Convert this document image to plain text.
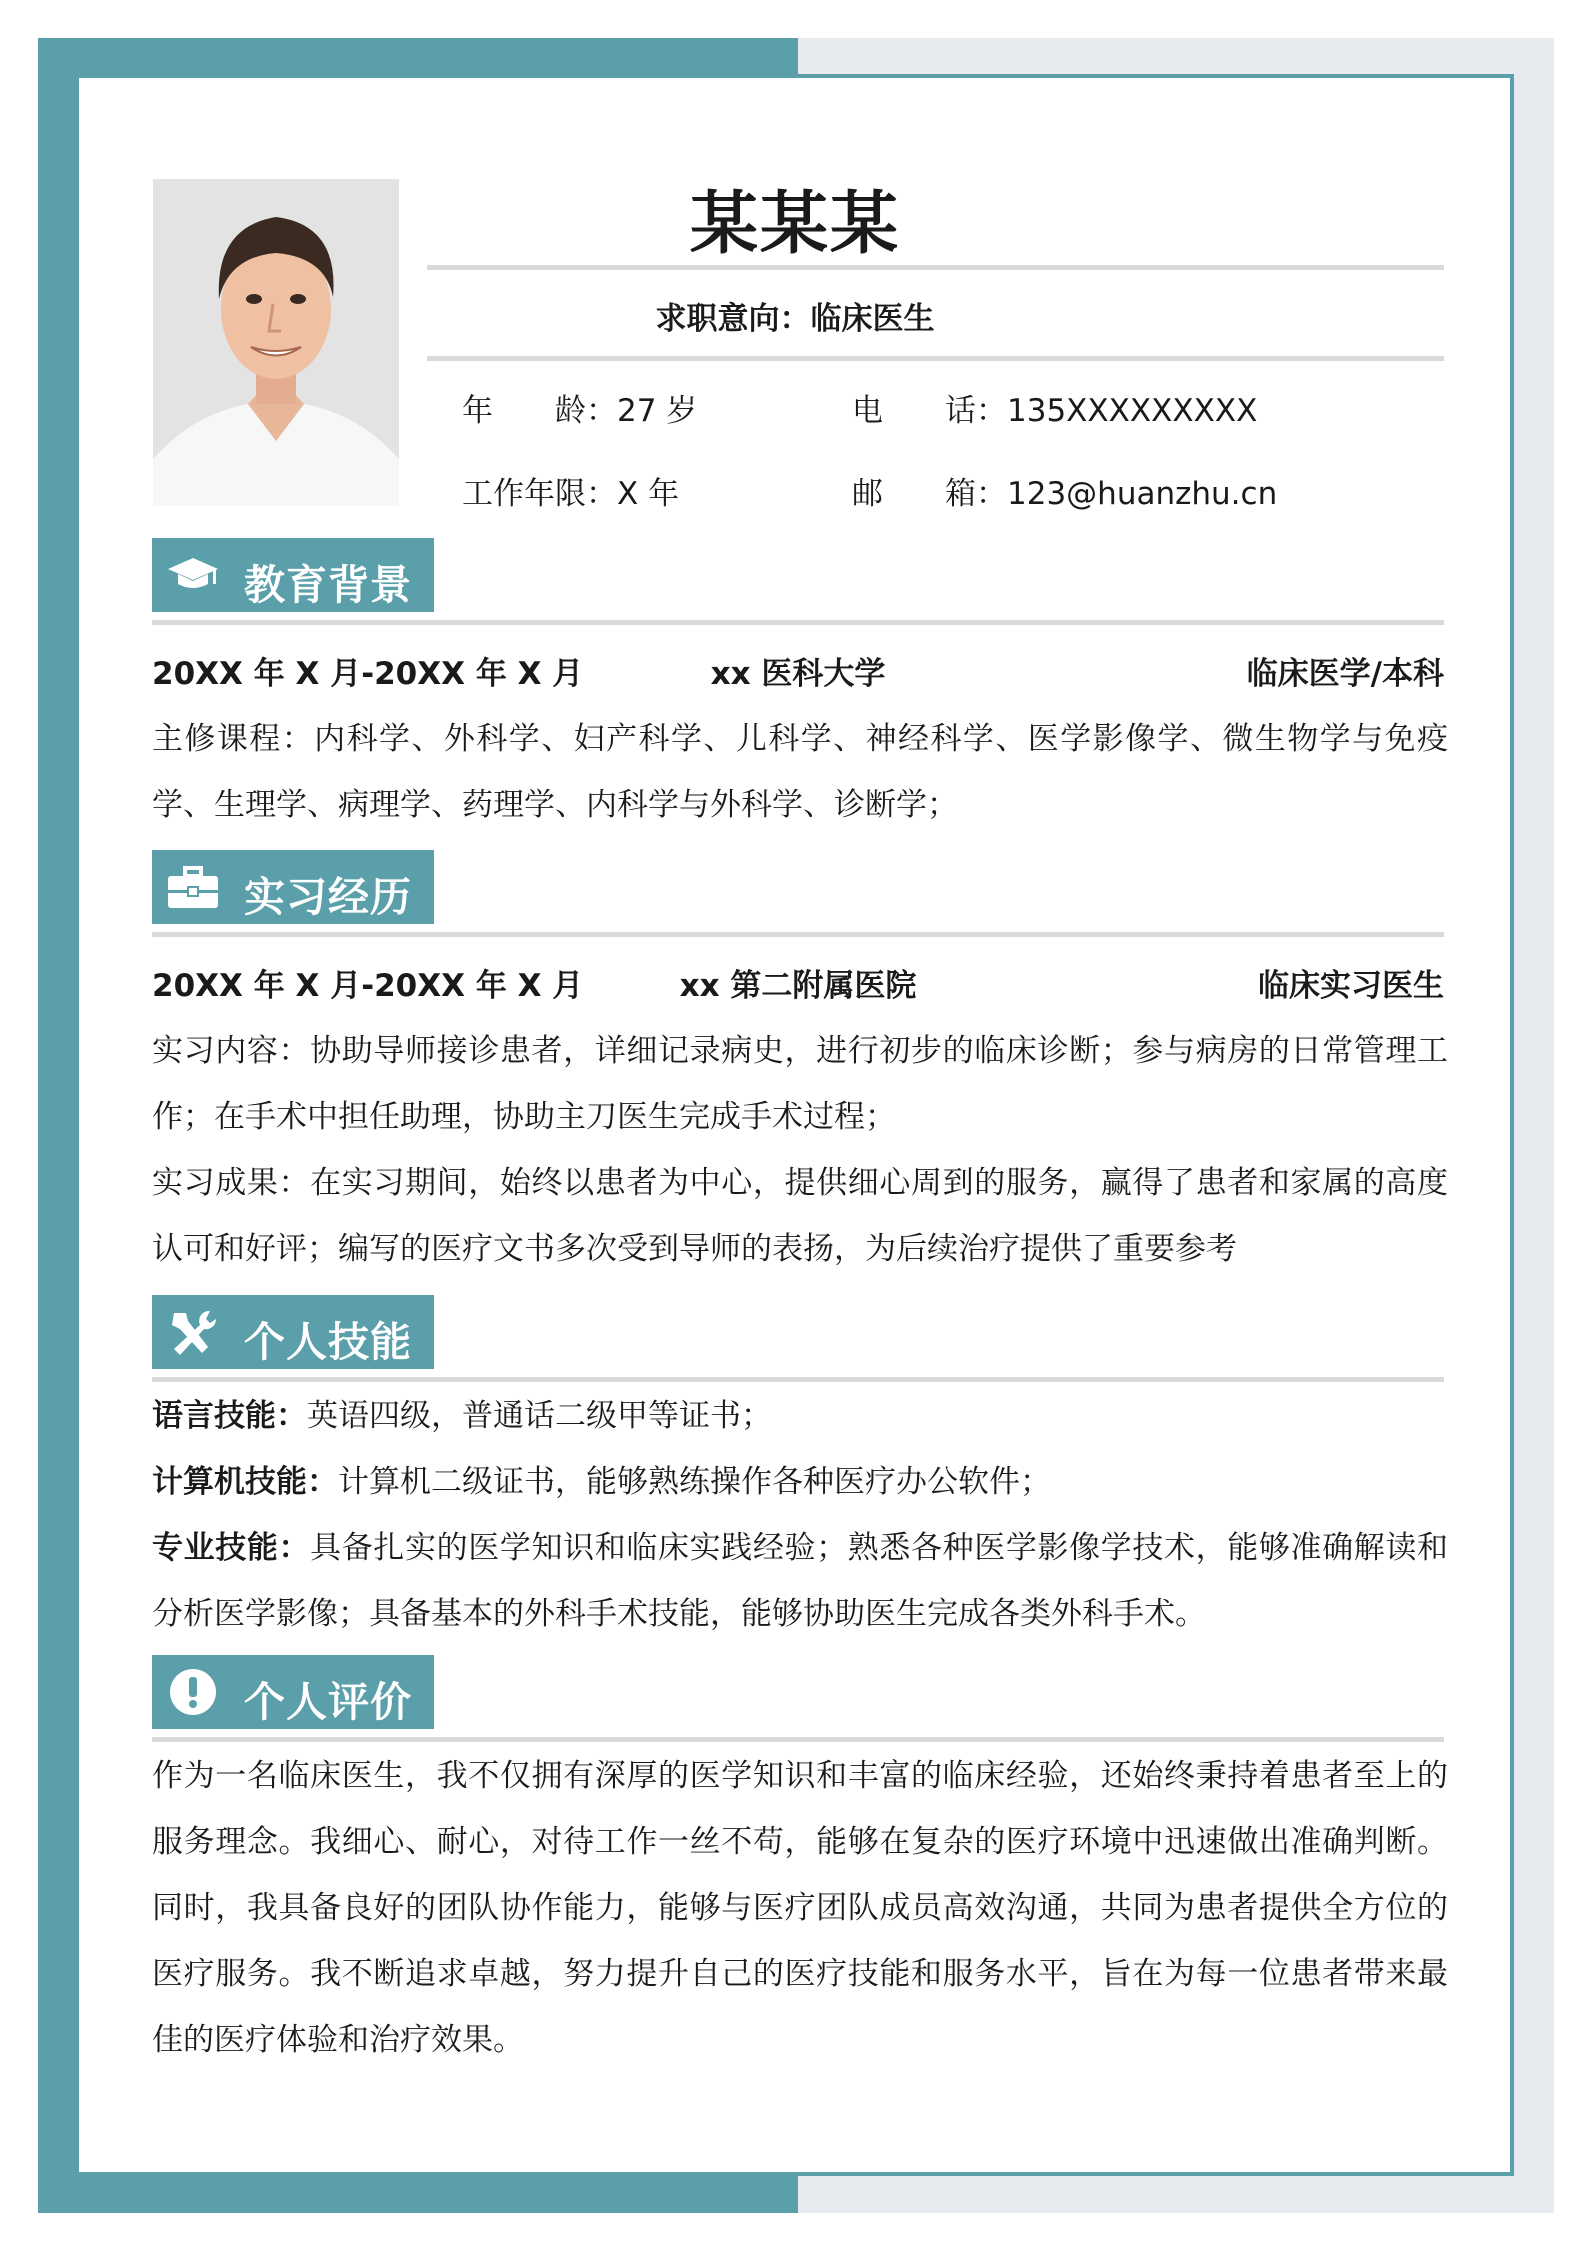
某某某
求职意向：临床医生
年　　龄：27 岁	电　　话：135XXXXXXXXX
工作年限：X 年	邮　　箱：123@huanzhu.cn
教育背景
20XX 年 X 月-20XX 年 X 月	xx 医科大学	临床医学/本科
主修课程：内科学、外科学、妇产科学、儿科学、神经科学、医学影像学、微生物学与免疫学、生理学、病理学、药理学、内科学与外科学、诊断学；
实习经历
20XX 年 X 月-20XX 年 X 月	xx 第二附属医院	临床实习医生
实习内容：协助导师接诊患者，详细记录病史，进行初步的临床诊断；参与病房的日常管理工作；在手术中担任助理，协助主刀医生完成手术过程；
实习成果：在实习期间，始终以患者为中心，提供细心周到的服务，赢得了患者和家属的高度认可和好评；编写的医疗文书多次受到导师的表扬，为后续治疗提供了重要参考
个人技能
语言技能：英语四级，普通话二级甲等证书；
计算机技能：计算机二级证书，能够熟练操作各种医疗办公软件；
专业技能：具备扎实的医学知识和临床实践经验；熟悉各种医学影像学技术，能够准确解读和分析医学影像；具备基本的外科手术技能，能够协助医生完成各类外科手术。
个人评价
作为一名临床医生，我不仅拥有深厚的医学知识和丰富的临床经验，还始终秉持着患者至上的服务理念。我细心、耐心，对待工作一丝不苟，能够在复杂的医疗环境中迅速做出准确判断。同时，我具备良好的团队协作能力，能够与医疗团队成员高效沟通，共同为患者提供全方位的医疗服务。我不断追求卓越，努力提升自己的医疗技能和服务水平，旨在为每一位患者带来最佳的医疗体验和治疗效果。
